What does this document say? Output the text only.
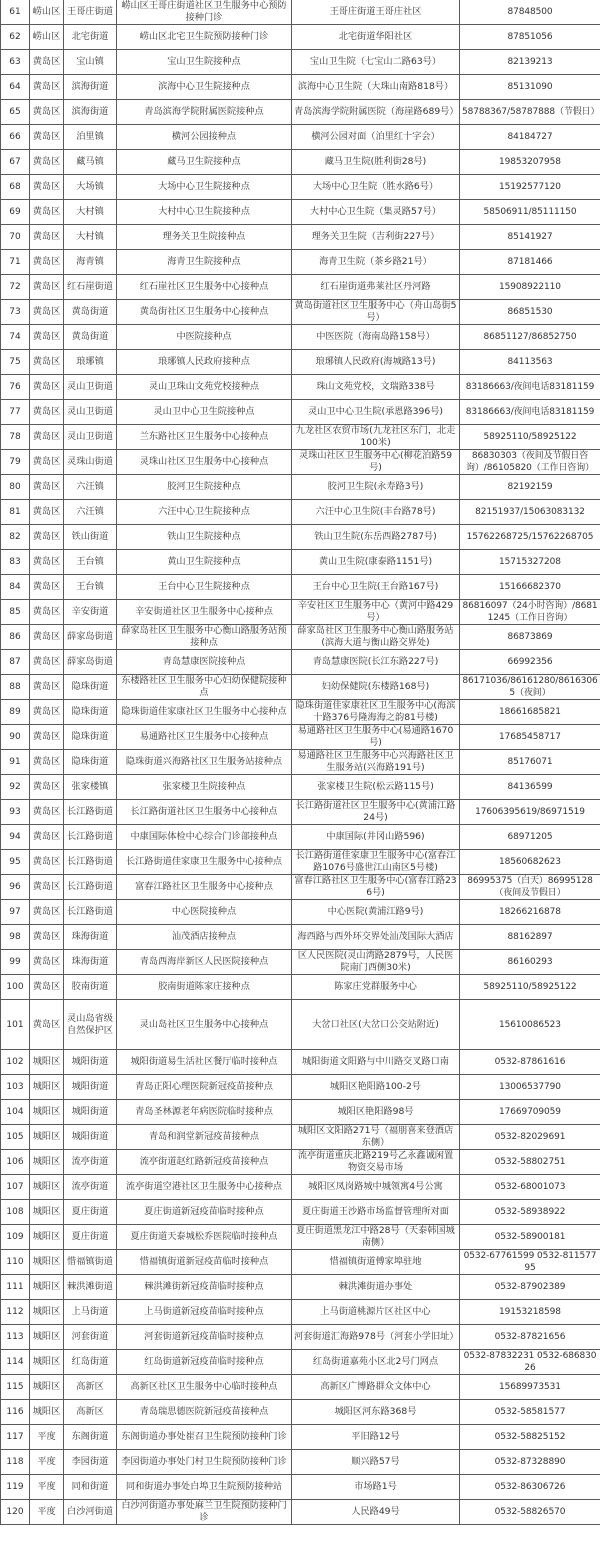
61	崂山区	王哥庄街道	崂山区王哥庄街道社区卫生服务中心预防接种门诊	王哥庄街道王哥庄社区	87848500
62	崂山区	北宅街道	崂山区北宅卫生院预防接种门诊	北宅街道华阳社区	87851056
63	黄岛区	宝山镇	宝山卫生院接种点	宝山卫生院（七宝山二路63号）	82139213
64	黄岛区	滨海街道	滨海中心卫生院接种点	滨海中心卫生院（大珠山南路818号）	85131090
65	黄岛区	滨海街道	青岛滨海学院附属医院接种点	青岛滨海学院附属医院（海崖路689号）	58788367/58787888（节假日）
66	黄岛区	泊里镇	横河公园接种点	横河公园对面（泊里红十字会）	84184727
67	黄岛区	藏马镇	藏马卫生院接种点	藏马卫生院(胜利街28号)	19853207958
68	黄岛区	大场镇	大场中心卫生院接种点	大场中心卫生院（胜水路6号）	15192577120
69	黄岛区	大村镇	大村中心卫生院接种点	大村中心卫生院（集灵路57号）	58506911/85111150
70	黄岛区	大村镇	理务关卫生院接种点	理务关卫生院（吉利街227号）	85141927
71	黄岛区	海青镇	海青卫生院接种点	海青卫生院（茶乡路21号）	87181466
72	黄岛区	红石崖街道	红石崖社区卫生服务中心接种点	红石崖街道弗莱社区丹河路	15908922110
73	黄岛区	黄岛街道	黄岛街社区卫生服务中心接种点	黄岛街道社区卫生服务中心（舟山岛街5号）	86851530
74	黄岛区	黄岛街道	中医院接种点	中医医院（海南岛路158号）	86851127/86852750
75	黄岛区	琅琊镇	琅琊镇人民政府接种点	琅琊镇人民政府(海城路13号)	84113563
76	黄岛区	灵山卫街道	灵山卫珠山文苑党校接种点	珠山文苑党校，文瑞路338号	83186663/夜间电话83181159
77	黄岛区	灵山卫街道	灵山卫中心卫生院接种点	灵山卫中心卫生院(承恩路396号)	83186663/夜间电话83181159
78	黄岛区	灵山卫街道	兰东路社区卫生服务中心接种点	九龙社区农贸市场(九龙社区东门，北走100米)	58925110/58925122
79	黄岛区	灵珠山街道	灵珠山社区卫生服务中心接种点	灵珠山社区卫生服务中心(柳花泊路59号)	86830303（夜间及节假日咨询）/86105820（工作日咨询）
80	黄岛区	六汪镇	胶河卫生院接种点	胶河卫生院(永寿路3号)	82192159
81	黄岛区	六汪镇	六汪中心卫生院接种点	六汪中心卫生院(丰台路78号)	82151937/15063083132
82	黄岛区	铁山街道	铁山卫生院接种点	铁山卫生院(东岳西路2787号)	15762268725/15762268705
83	黄岛区	王台镇	黄山卫生院接种点	黄山卫生院(康泰路1151号)	15715327208
84	黄岛区	王台镇	王台中心卫生院接种点	王台中心卫生院(王台路167号)	15166682370
85	黄岛区	辛安街道	辛安街道社区卫生服务中心接种点	辛安社区卫生服务中心（黄河中路429号）	86816097（24小时咨询）/86811245（工作日咨询）
86	黄岛区	薛家岛街道	薛家岛社区卫生服务中心衡山路服务站预接种点	薛家岛社区卫生服务中心衡山路服务站(滨海大道与衡山路交界处)	86873869
87	黄岛区	薛家岛街道	青岛慧康医院接种点	青岛慧康医院(长江东路227号)	66992356
88	黄岛区	隐珠街道	东楼路社区卫生服务中心妇幼保健院接种点	妇幼保健院(东楼路168号)	86171036/86161280/86163065（夜间）
89	黄岛区	隐珠街道	隐珠街道佳家康社区卫生服务中心接种点	隐珠街道佳家康社区卫生服务中心(海滨十路376号隆海海之韵81号楼)	18661685821
90	黄岛区	隐珠街道	易通路社区卫生服务中心接种点	易通路社区卫生服务中心(易通路1670号)	17685458717
91	黄岛区	隐珠街道	隐珠街道兴海路社区卫生服务站接种点	易通路社区卫生服务中心兴海路社区卫生服务站(兴海路191号)	85176071
92	黄岛区	张家楼镇	张家楼卫生院接种点	张家楼卫生院(松云路115号)	84136599
93	黄岛区	长江路街道	长江路街道社区卫生服务中心接种点	长江路街道社区卫生服务中心(黄浦江路24号)	17606395619/86971519
94	黄岛区	长江路街道	中康国际体检中心综合门诊部接种点	中康国际(井冈山路596)	68971205
95	黄岛区	长江路街道	长江路街道佳家康卫生服务中心接种点	长江路街道佳家康卫生服务中心(富春江路1076号盛世江山南区5号楼)	18560682623
96	黄岛区	长江路街道	富春江路社区卫生服务中心接种点	富春江路社区卫生服务中心(富春江路236号)	86995375（白天）86995128（夜间及节假日）
97	黄岛区	长江路街道	中心医院接种点	中心医院(黄浦江路9号)	18266216878
98	黄岛区	珠海街道	汕茂酒店接种点	海西路与西外环交界处汕茂国际大酒店	88162897
99	黄岛区	珠海街道	青岛西海岸新区人民医院接种点	区人民医院(灵山湾路2879号，人民医院南门西侧30米)	86160293
100	黄岛区	胶南街道	胶南街道陈家庄接种点	陈家庄党群服务中心	58925110/58925122
101	黄岛区	灵山岛省级自然保护区	灵山岛社区卫生服务中心接种点	大岔口社区(大岔口公交站附近)	15610086523
102	城阳区	城阳街道	城阳街道易生活社区餐厅临时接种点	城阳街道文阳路与中川路交叉路口南	0532-87861616
103	城阳区	城阳街道	青岛正阳心理医院新冠疫苗接种点	城阳区艳阳路100-2号	13006537790
104	城阳区	城阳街道	青岛圣林源老年病医院临时接种点	城阳区艳阳路98号	17669709059
105	城阳区	城阳街道	青岛和润堂新冠疫苗接种点	城阳区文阳路271号（福朋喜来登酒店东侧）	0532-82029691
106	城阳区	流亭街道	流亭街道赵红路新冠疫苗接种点	流亭街道重庆北路219号乙永鑫诚闲置物资交易市场	0532-58802751
107	城阳区	流亭街道	流亭街道空港社区卫生服务中心接种点	城阳区凤岗路城中城领寓4号公寓	0532-68001073
108	城阳区	夏庄街道	夏庄街道新冠疫苗临时接种点	夏庄街道王沙路市场监督管理所对面	0532-58938922
109	城阳区	夏庄街道	夏庄街道天泰城松乔医院临时接种点	夏庄街道黑龙江中路28号（天泰韩国城南侧）	0532-58900181
110	城阳区	惜福镇街道	惜福镇街道新冠疫苗临时接种点	惜福镇街道傅家埠驻地	0532-67761599 0532-81157795
111	城阳区	棘洪滩街道	棘洪滩街新冠疫苗临时接种点	棘洪滩街道办事处	0532-87902389
112	城阳区	上马街道	上马街道新冠疫苗临时接种点	上马街道桃源片区社区中心	19153218598
113	城阳区	河套街道	河套街道新冠疫苗临时接种点	河套街道汇海路978号（河套小学旧址）	0532-87821656
114	城阳区	红岛街道	红岛街道新冠疫苗临时接种点	红岛街道嘉苑小区北2号门网点	0532-87832231 0532-68683026
115	城阳区	高新区	高新区社区卫生服务中心临时接种点	高新区广博路群众文体中心	15689973531
116	城阳区	高新区	青岛瑞思德医院新冠疫苗接种点	城阳区河东路368号	0532-58581577
117	平度	东阁街道	东阁街道办事处崔召卫生院预防接种门诊	平旧路12号	0532-58825152
118	平度	李园街道	李园街道办事处门村卫生院预防接种门诊	顺兴路57号	0532-87328890
119	平度	同和街道	同和街道办事处白埠卫生院预防接种站	市场路1号	0532-86306726
120	平度	白沙河街道	白沙河街道办事处麻兰卫生院预防接种门诊	人民路49号	0532-58826570
